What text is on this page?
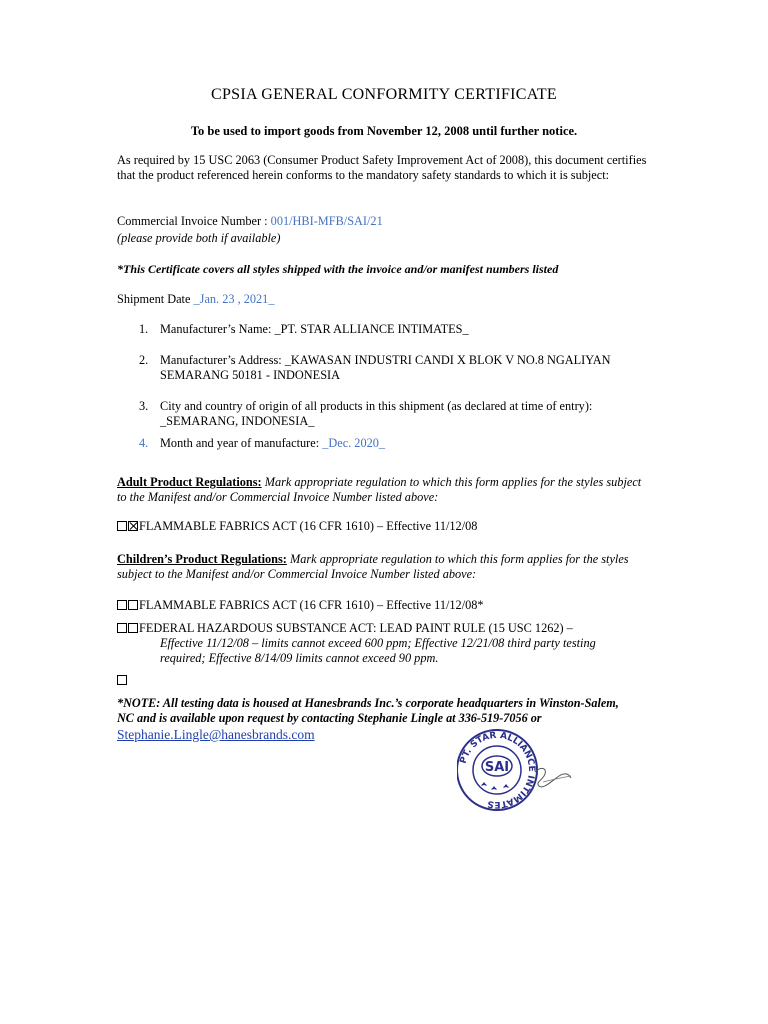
CPSIA GENERAL CONFORMITY CERTIFICATE
To be used to import goods from November 12, 2008 until further notice.
As required by 15 USC 2063 (Consumer Product Safety Improvement Act of 2008), this document certifies that the product referenced herein conforms to the mandatory safety standards to which it is subject:
Commercial Invoice Number : 001/HBI-MFB/SAI/21
(please provide both if available)
*This Certificate covers all styles shipped with the invoice and/or manifest numbers listed
Shipment Date _Jan. 23 , 2021_
1. Manufacturer’s Name: _PT. STAR ALLIANCE INTIMATES_
2. Manufacturer’s Address: _KAWASAN INDUSTRI CANDI X BLOK V NO.8 NGALIYAN SEMARANG 50181 - INDONESIA
3. City and country of origin of all products in this shipment (as declared at time of entry): _SEMARANG, INDONESIA_
4. Month and year of manufacture: _Dec. 2020_
Adult Product Regulations: Mark appropriate regulation to which this form applies for the styles subject to the Manifest and/or Commercial Invoice Number listed above:
FLAMMABLE FABRICS ACT (16 CFR 1610) – Effective 11/12/08
Children’s Product Regulations: Mark appropriate regulation to which this form applies for the styles subject to the Manifest and/or Commercial Invoice Number listed above:
FLAMMABLE FABRICS ACT (16 CFR 1610) – Effective 11/12/08*
FEDERAL HAZARDOUS SUBSTANCE ACT: LEAD PAINT RULE (15 USC 1262) –
Effective 11/12/08 – limits cannot exceed 600 ppm; Effective 12/21/08 third party testing required; Effective 8/14/09 limits cannot exceed 90 ppm.
*NOTE: All testing data is housed at Hanesbrands Inc.’s corporate headquarters in Winston-Salem, NC and is available upon request by contacting Stephanie Lingle at 336-519-7056 or
Stephanie.Lingle@hanesbrands.com
PT. STAR ALLIANCE INTIMATES
SAI
